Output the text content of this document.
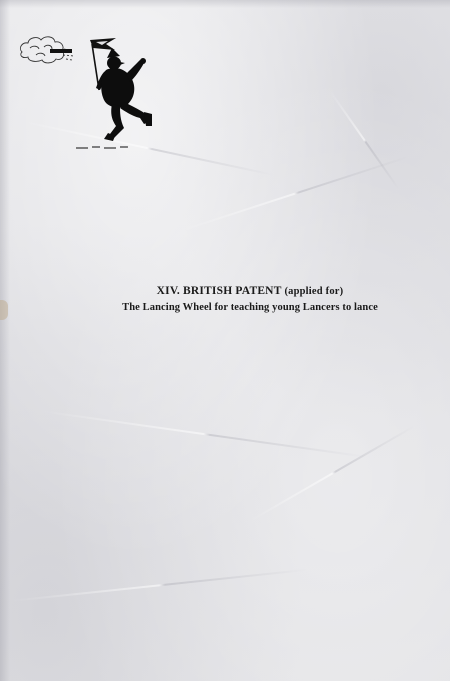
XIV. BRITISH PATENT (applied for)
The Lancing Wheel for teaching young Lancers to lance
